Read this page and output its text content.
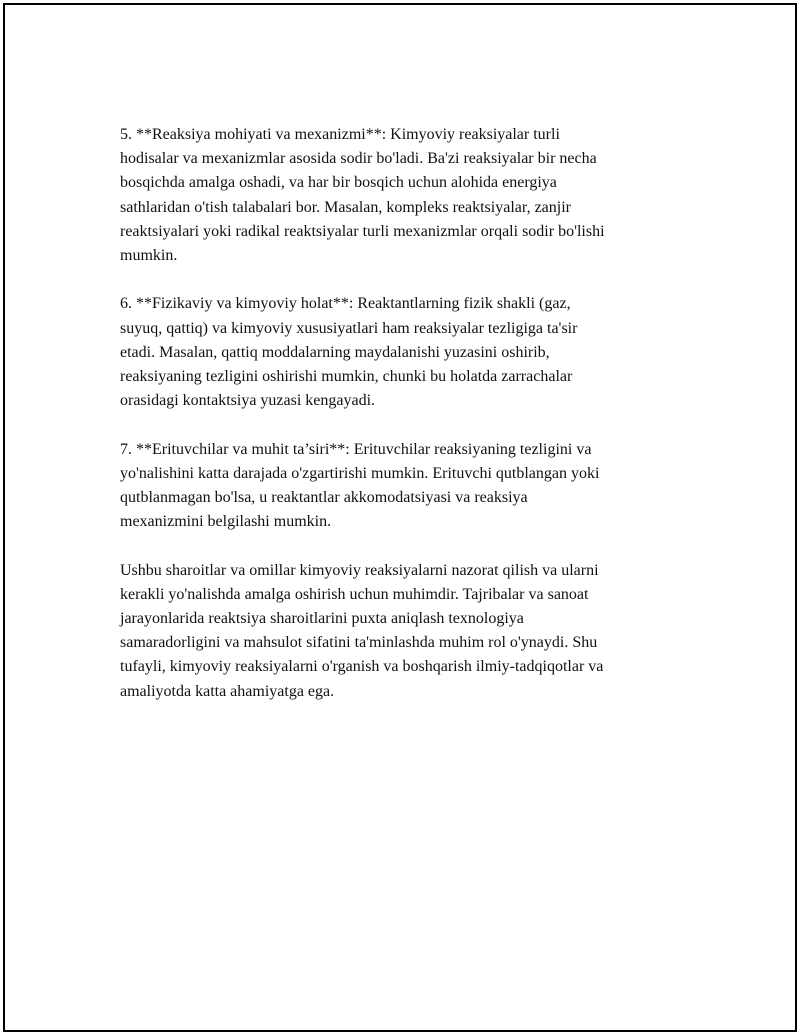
5. **Reaksiya mohiyati va mexanizmi**: Kimyoviy reaksiyalar turli
hodisalar va mexanizmlar asosida sodir bo'ladi. Ba'zi reaksiyalar bir necha
bosqichda amalga oshadi, va har bir bosqich uchun alohida energiya
sathlaridan o'tish talabalari bor. Masalan, kompleks reaktsiyalar, zanjir
reaktsiyalari yoki radikal reaktsiyalar turli mexanizmlar orqali sodir bo'lishi
mumkin.

6. **Fizikaviy va kimyoviy holat**: Reaktantlarning fizik shakli (gaz,
suyuq, qattiq) va kimyoviy xususiyatlari ham reaksiyalar tezligiga ta'sir
etadi. Masalan, qattiq moddalarning maydalanishi yuzasini oshirib,
reaksiyaning tezligini oshirishi mumkin, chunki bu holatda zarrachalar
orasidagi kontaktsiya yuzasi kengayadi.

7. **Erituvchilar va muhit ta’siri**: Erituvchilar reaksiyaning tezligini va
yo'nalishini katta darajada o'zgartirishi mumkin. Erituvchi qutblangan yoki
qutblanmagan bo'lsa, u reaktantlar akkomodatsiyasi va reaksiya
mexanizmini belgilashi mumkin.

Ushbu sharoitlar va omillar kimyoviy reaksiyalarni nazorat qilish va ularni
kerakli yo'nalishda amalga oshirish uchun muhimdir. Tajribalar va sanoat
jarayonlarida reaktsiya sharoitlarini puxta aniqlash texnologiya
samaradorligini va mahsulot sifatini ta'minlashda muhim rol o'ynaydi. Shu
tufayli, kimyoviy reaksiyalarni o'rganish va boshqarish ilmiy-tadqiqotlar va
amaliyotda katta ahamiyatga ega.
